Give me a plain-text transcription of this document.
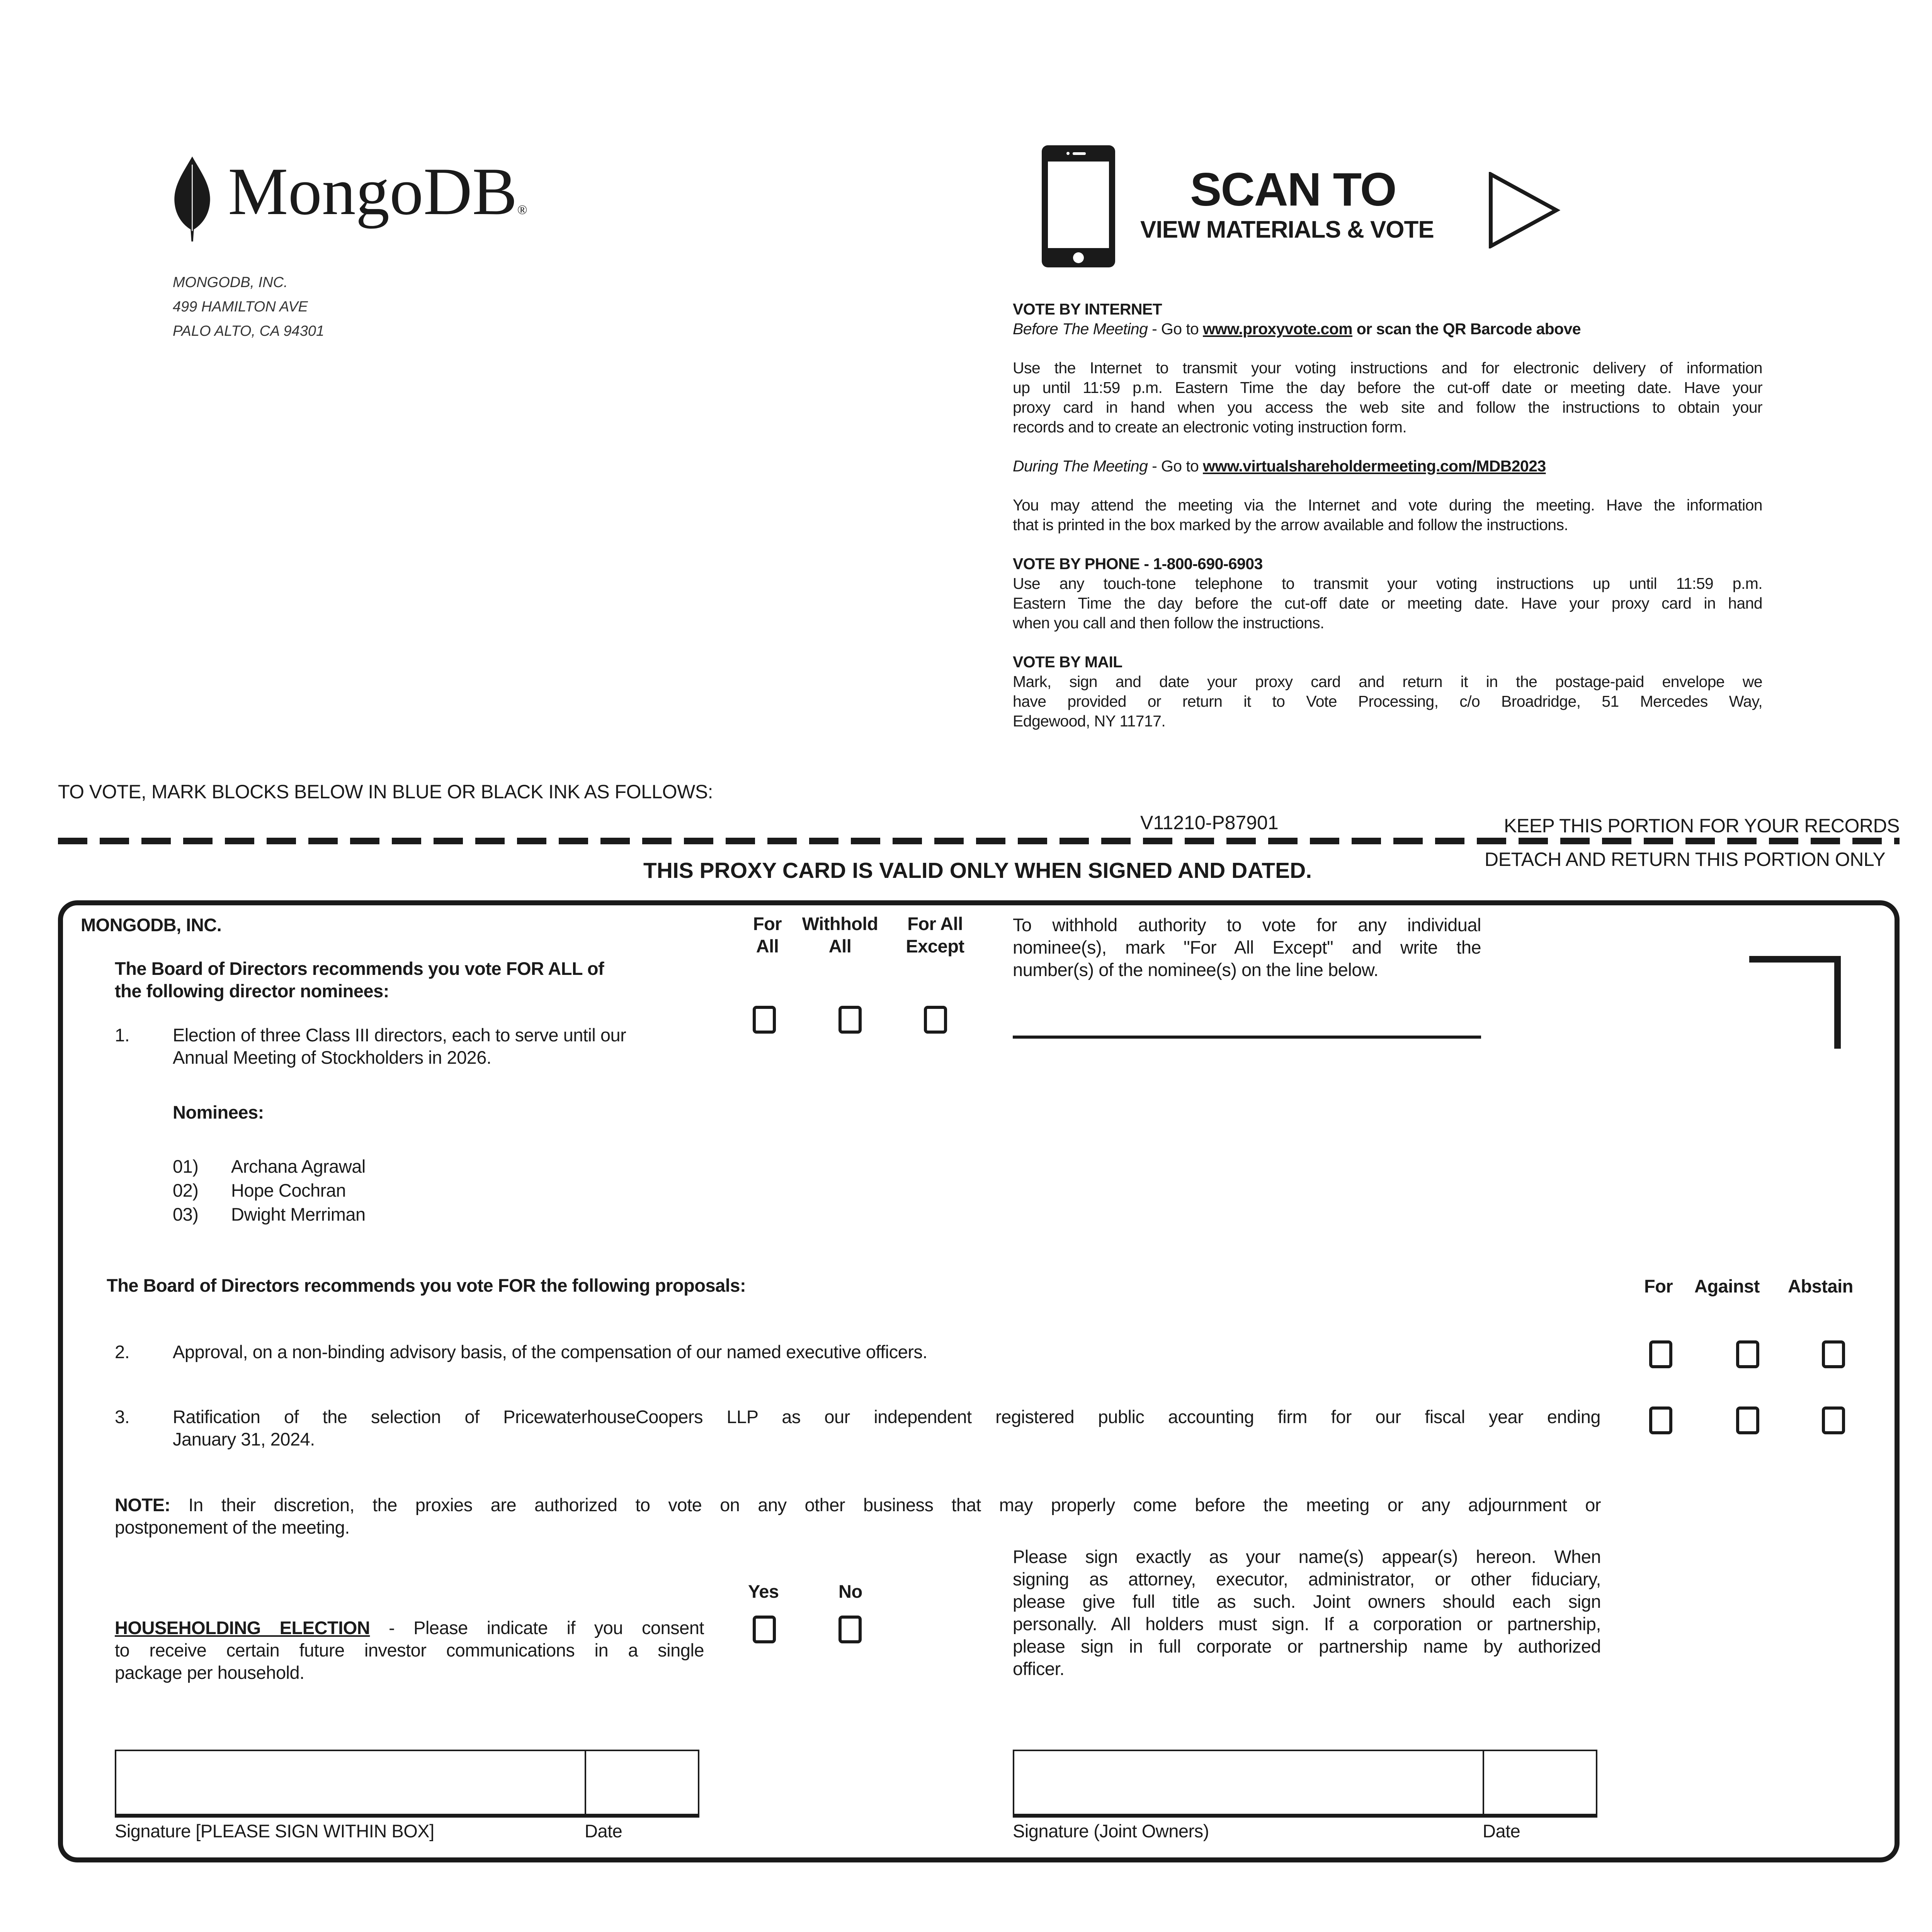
MongoDB®
MONGODB, INC.
499 HAMILTON AVE
PALO ALTO, CA 94301
SCAN TO
VIEW MATERIALS & VOTE
VOTE BY INTERNET
Before The Meeting - Go to www.proxyvote.com or scan the QR Barcode above
Use the Internet to transmit your voting instructions and for electronic delivery of information
up until 11:59 p.m. Eastern Time the day before the cut-off date or meeting date. Have your
proxy card in hand when you access the web site and follow the instructions to obtain your
records and to create an electronic voting instruction form.
During The Meeting - Go to www.virtualshareholdermeeting.com/MDB2023
You may attend the meeting via the Internet and vote during the meeting. Have the information
that is printed in the box marked by the arrow available and follow the instructions.
VOTE BY PHONE - 1-800-690-6903
Use any touch-tone telephone to transmit your voting instructions up until 11:59 p.m.
Eastern Time the day before the cut-off date or meeting date. Have your proxy card in hand
when you call and then follow the instructions.
VOTE BY MAIL
Mark, sign and date your proxy card and return it in the postage-paid envelope we
have provided or return it to Vote Processing, c/o Broadridge, 51 Mercedes Way,
Edgewood, NY 11717.
TO VOTE, MARK BLOCKS BELOW IN BLUE OR BLACK INK AS FOLLOWS:
V11210-P87901	KEEP THIS PORTION FOR YOUR RECORDS
DETACH AND RETURN THIS PORTION ONLY
THIS PROXY CARD IS VALID ONLY WHEN SIGNED AND DATED.
MONGODB, INC.	For
All
Withhold
All
For All
Except
The Board of Directors recommends you vote FOR ALL of
the following director nominees:
To withhold authority to vote for any individual
nominee(s), mark "For All Except" and write the
number(s) of the nominee(s) on the line below.
1. Election of three Class III directors, each to serve until our
Annual Meeting of Stockholders in 2026.
Nominees:
01) Archana Agrawal
02) Hope Cochran
03) Dwight Merriman
The Board of Directors recommends you vote FOR the following proposals:	For Against Abstain
2. Approval, on a non-binding advisory basis, of the compensation of our named executive officers.
3. Ratification of the selection of PricewaterhouseCoopers LLP as our independent registered public accounting firm for our fiscal year ending
January 31, 2024.
NOTE: In their discretion, the proxies are authorized to vote on any other business that may properly come before the meeting or any adjournment or
postponement of the meeting.
Yes	No
HOUSEHOLDING ELECTION - Please indicate if you consent
to receive certain future investor communications in a single
package per household.
Please sign exactly as your name(s) appear(s) hereon. When
signing as attorney, executor, administrator, or other fiduciary,
please give full title as such. Joint owners should each sign
personally. All holders must sign. If a corporation or partnership,
please sign in full corporate or partnership name by authorized
officer.
Signature [PLEASE SIGN WITHIN BOX]	Date	Signature (Joint Owners)	Date
